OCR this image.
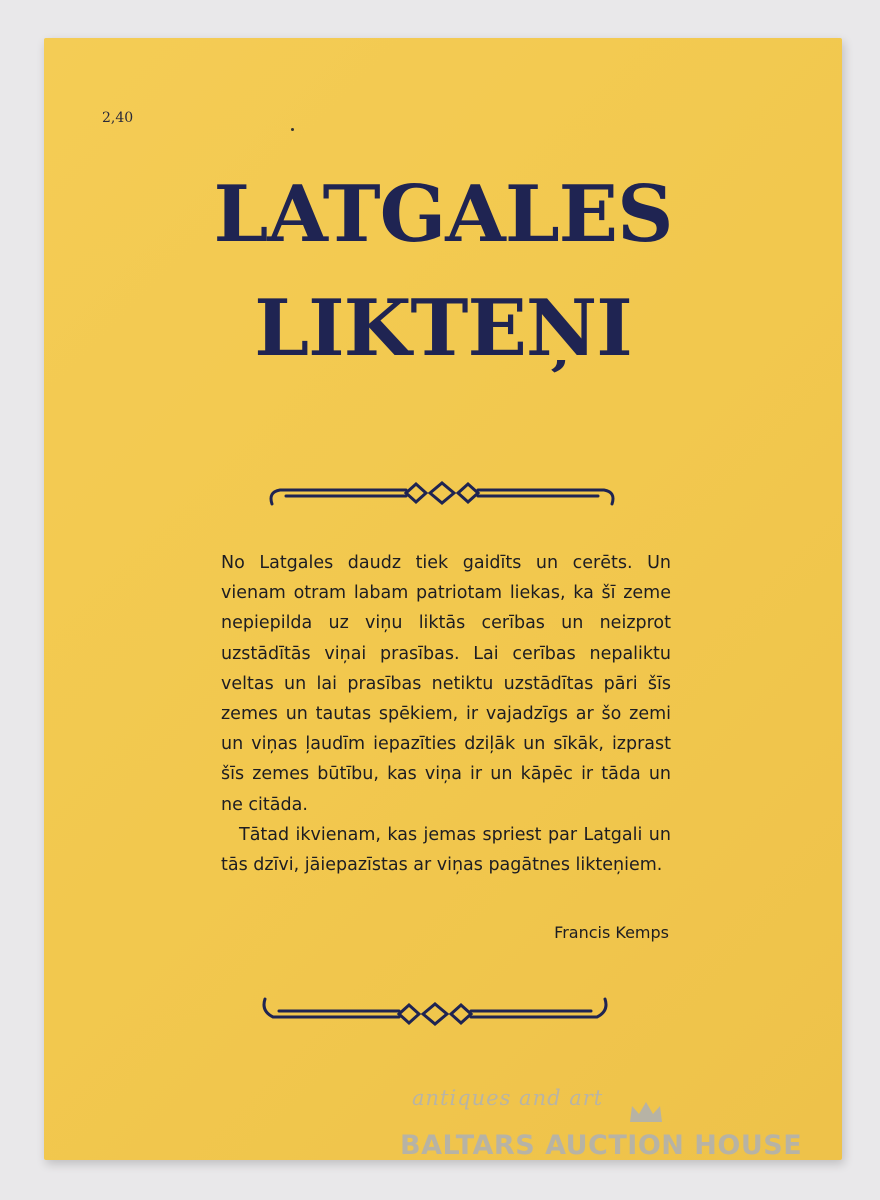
2,40
LATGALES
LIKTEŅI

No Latgales daudz tiek gaidīts un cerēts. Un vienam otram labam patriotam liekas, ka šī zeme nepiepilda uz viņu liktās cerības un neizprot uzstādītās viņai prasības. Lai cerības nepaliktu veltas un lai prasības netiktu uzstādītas pāri šīs zemes un tautas spēkiem, ir vajadzīgs ar šo zemi un viņas ļaudīm iepazīties dziļāk un sīkāk, izprast šīs zemes būtību, kas viņa ir un kāpēc ir tāda un ne citāda.

Tātad ikvienam, kas jemas spriest par Latgali un tās dzīvi, jāiepazīstas ar viņas pagātnes likteņiem.

Francis Kemps
antiques and art
BALTARS AUCTION HOUSE
